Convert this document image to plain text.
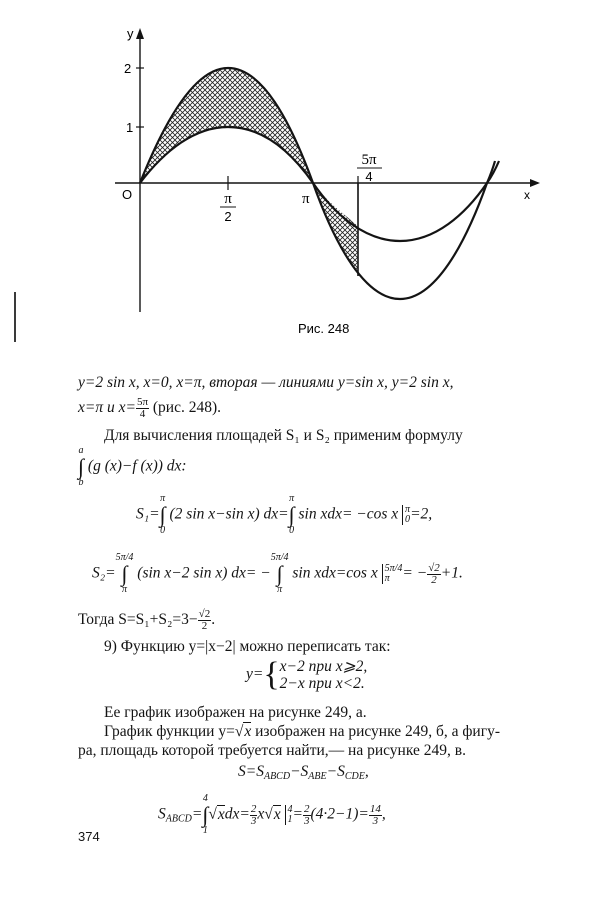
y
x
O
2
1
π
2
π
5π
4
Рис. 248
y=2 sin x, x=0, x=π, вторая — линиями y=sin x, y=2 sin x,
x=π и $x= \frac{5\pi}{4} (рис$. 248).
Для вычисления площадей S₁ и S₂ применим формулу
a
∫
b
(g (x)−f (x)) dx:
S₁=
π
∫
0
(2 sin x−sin x) dx=
π
∫
0
sin xdx= −cos x π
0 =2,
S₂=
5π/4
∫
π
(sin x−2 sin x) dx= −
5π/4
∫
π
sin xdx=cos x 5π/4
π = − $\frac{√2}{2} +1$.
Тогда $S=S_1+S_2=3- \frac{√2}{2}$ .
9) Функцию y=|x−2| можно переписать так:
y={ x−2 при x⩾2,
2−x при x<2.
Ее график изображен на рисунке 249, а.
График функции y=√x изображен на рисунке 249, б, а фигу-
ра, площадь которой требуется найти,— на рисунке 249, в.
S=SABCD−SABE−SCDE,
SABCD=
4
∫
1
$√xdx= \frac{2}{3} x√x$ 4
$1 = \frac{2}{3} (4\cdot 2-1)= \frac{14}{3}$ ,
374
